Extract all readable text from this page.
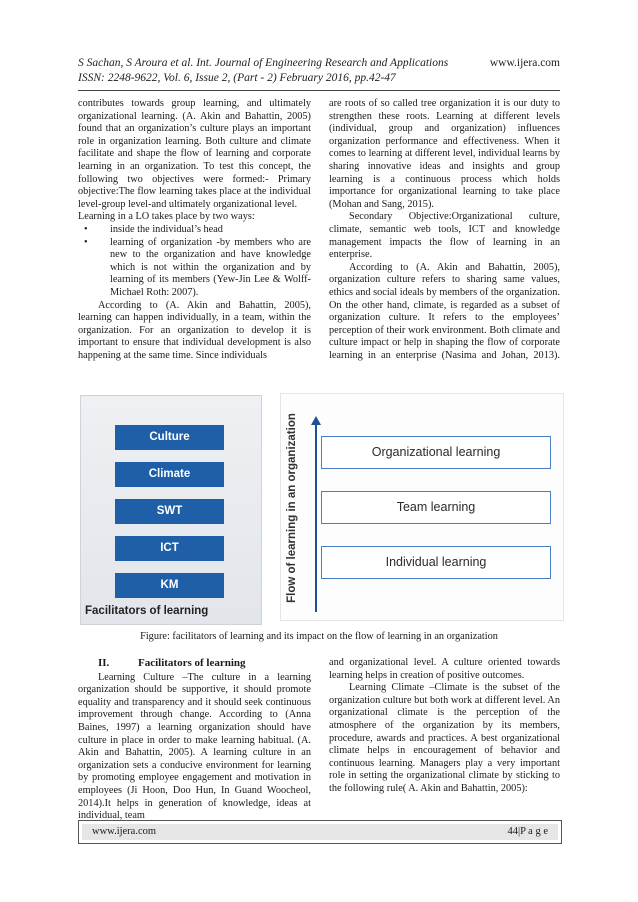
S Sachan, S Aroura et al. Int. Journal of Engineering Research and Applications	www.ijera.com
ISSN: 2248-9622, Vol. 6, Issue 2, (Part - 2) February 2016, pp.42-47

contributes towards group learning, and ultimately organizational learning. (A. Akin and Bahattin, 2005) found that an organization’s culture plays an important role in organization learning. Both culture and climate facilitate and shape the flow of learning and corporate learning in an organization. To test this concept, the following two objectives were formed:- Primary objective:The flow learning takes place at the individual level-group level-and ultimately organizational level.

Learning in a LO takes place by two ways:

• inside the individual’s head
• learning of organization -by members who are new to the organization and have knowledge which is not within the organization and by learning of its members (Yew-Jin Lee & Wolff-Michael Roth: 2007).

According to (A. Akin and Bahattin, 2005), learning can happen individually, in a team, within the organization. For an organization to develop it is important to ensure that individual development is also happening at the same time. Since individuals

are roots of so called tree organization it is our duty to strengthen these roots. Learning at different levels (individual, group and organization) influences organization performance and effectiveness. When it comes to learning at different level, individual learns by sharing innovative ideas and insights and group learning is a continuous process which holds importance for organizational learning to take place (Mohan and Sang, 2015).

Secondary Objective:Organizational culture, climate, semantic web tools, ICT and knowledge management impacts the flow of learning in an enterprise.

According to (A. Akin and Bahattin, 2005), organization culture refers to sharing same values, ethics and social ideals by members of the organization. On the other hand, climate, is regarded as a subset of organization culture. It refers to the employees’ perception of their work environment. Both climate and culture impact or help in shaping the flow of corporate learning in an enterprise (Nasima and Johan, 2013).

Culture
Climate
SWT
ICT
KM
Facilitators of learning
Flow of learning in an organization	Organizational learning
Team learning
Individual learning
Figure: facilitators of learning and its impact on the flow of learning in an organization
II.	Facilitators of learning

Learning Culture –The culture in a learning organization should be supportive, it should promote equality and transparency and it should seek continuous improvement through change. According to (Anna Baines, 1997) a learning organization should have culture in place in order to make learning habitual. (A. Akin and Bahattin, 2005). A learning culture in an organization sets a conducive environment for learning by promoting employee engagement and motivation in employees (Ji Hoon, Doo Hun, In Guand Woocheol, 2014).It helps in generation of knowledge, ideas at individual, team

and organizational level. A culture oriented towards learning helps in creation of positive outcomes.

Learning Climate –Climate is the subset of the organization culture but both work at different level. An organizational climate is the perception of the atmosphere of the organization by its members, procedure, awards and practices. A best organizational climate helps in encouragement of behavior and continuous learning. Managers play a very important role in setting the organizational climate by sticking to the following rule( A. Akin and Bahattin, 2005):

www.ijera.com	44|P a g e
